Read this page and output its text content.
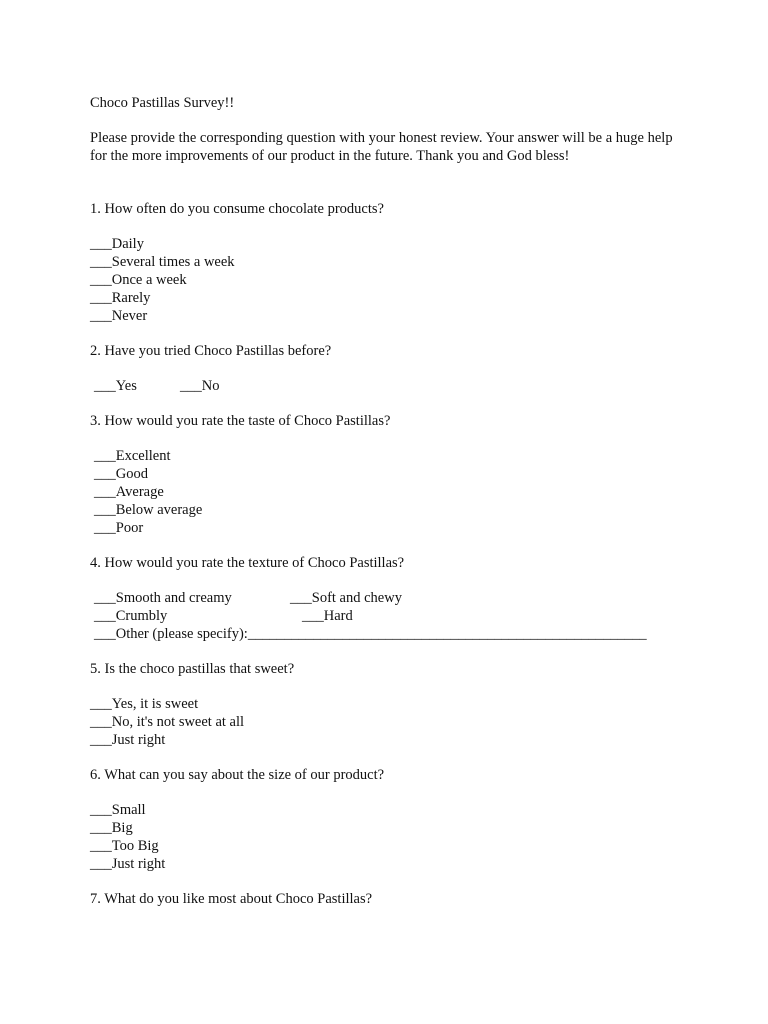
Choco Pastillas Survey!!
Please provide the corresponding question with your honest review. Your answer will be a huge help for the more improvements of our product in the future. Thank you and God bless!
1. How often do you consume chocolate products?
___Daily
___Several times a week
___Once a week
___Rarely
___Never
2. Have you tried Choco Pastillas before?
___Yes	___No
3. How would you rate the taste of Choco Pastillas?
___Excellent
___Good
___Average
___Below average
___Poor
4. How would you rate the texture of Choco Pastillas?
___Smooth and creamy	___Soft and chewy
___Crumbly	___Hard
___Other (please specify):_______________________________________________________
5. Is the choco pastillas that sweet?
___Yes, it is sweet
___No, it's not sweet at all
___Just right
6. What can you say about the size of our product?
___Small
___Big
___Too Big
___Just right
7. What do you like most about Choco Pastillas?
